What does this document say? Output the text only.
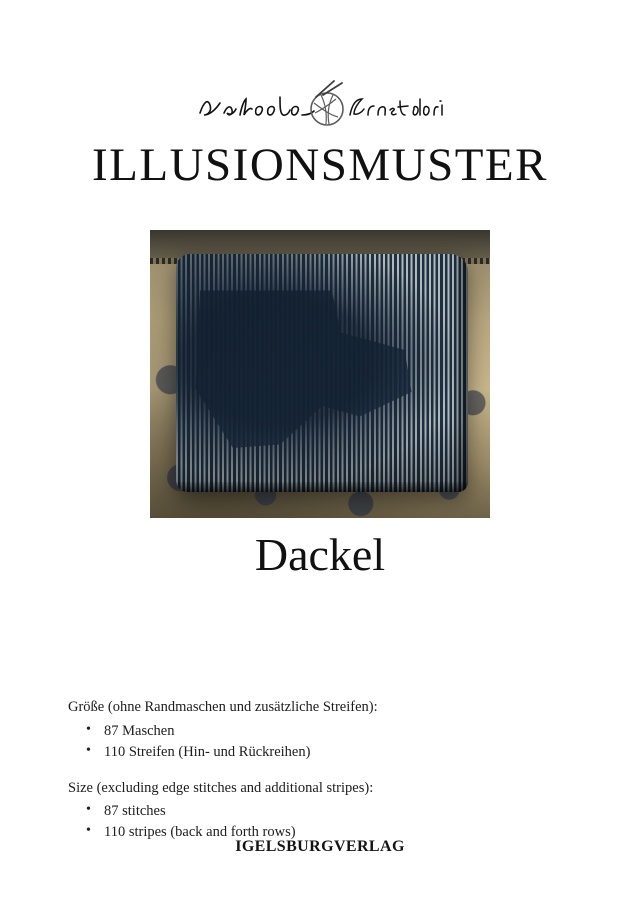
ILLUSIONSMUSTER
Dackel

Größe (ohne Randmaschen und zusätzliche Streifen):

• 87 Maschen
• 110 Streifen (Hin- und Rückreihen)

Size (excluding edge stitches and additional stripes):

• 87 stitches
• 110 stripes (back and forth rows)
IGELSBURGVERLAG
